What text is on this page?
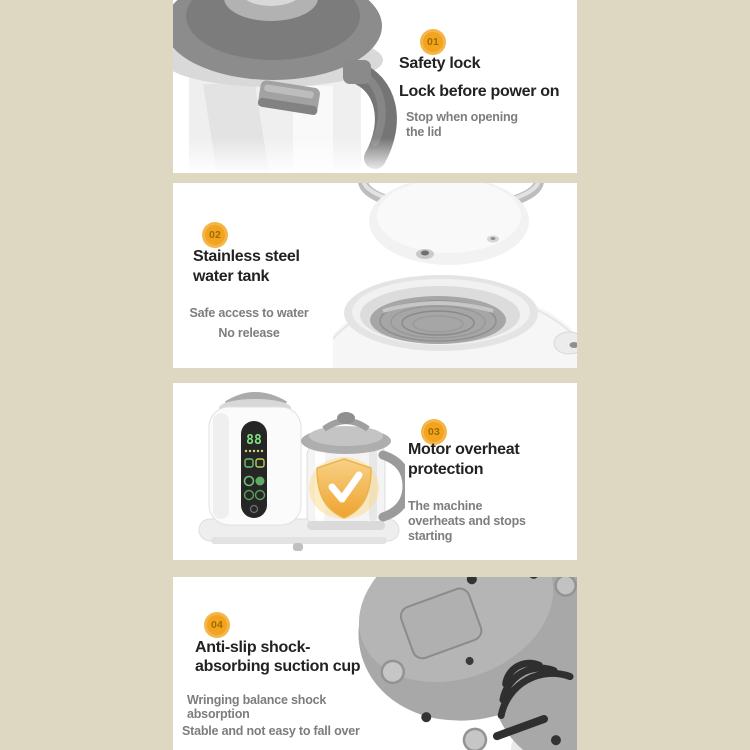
01
Safety lock
Lock before power on
Stop when opening
the lid
02
Stainless steel
water tank
Safe access to water
No release
88
03
Motor overheat
protection
The machine
overheats and stops
starting
04
Anti-slip shock-
absorbing suction cup
Wringing balance shock
absorption
Stable and not easy to fall over
